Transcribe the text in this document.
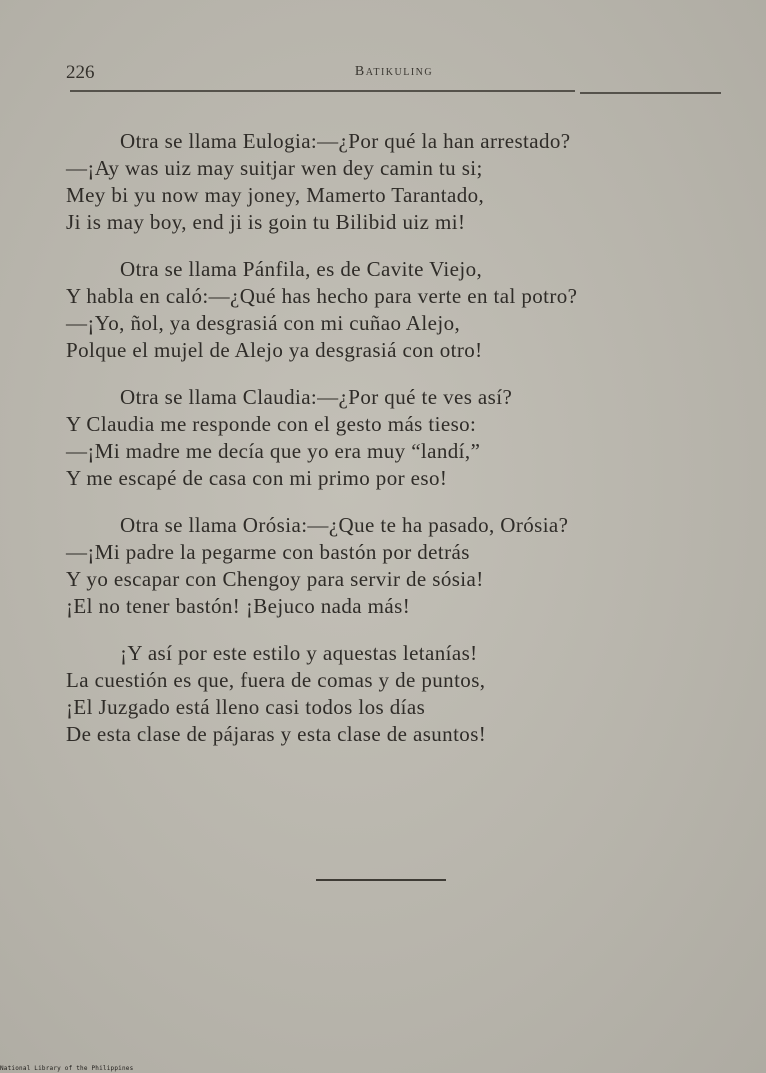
226	Batikuling
Otra se llama Eulogia:—¿Por qué la han arrestado?
—¡Ay was uiz may suitjar wen dey camin tu si;
Mey bi yu now may joney, Mamerto Tarantado,
Ji is may boy, end ji is goin tu Bilibid uiz mi!
Otra se llama Pánfila, es de Cavite Viejo,
Y habla en caló:—¿Qué has hecho para verte en tal potro?
—¡Yo, ñol, ya desgrasiá con mi cuñao Alejo,
Polque el mujel de Alejo ya desgrasiá con otro!
Otra se llama Claudia:—¿Por qué te ves así?
Y Claudia me responde con el gesto más tieso:
—¡Mi madre me decía que yo era muy “landí,”
Y me escapé de casa con mi primo por eso!
Otra se llama Orósia:—¿Que te ha pasado, Orósia?
—¡Mi padre la pegarme con bastón por detrás
Y yo escapar con Chengoy para servir de sósia!
¡El no tener bastón! ¡Bejuco nada más!
¡Y así por este estilo y aquestas letanías!
La cuestión es que, fuera de comas y de puntos,
¡El Juzgado está lleno casi todos los días
De esta clase de pájaras y esta clase de asuntos!
National Library of the Philippines
